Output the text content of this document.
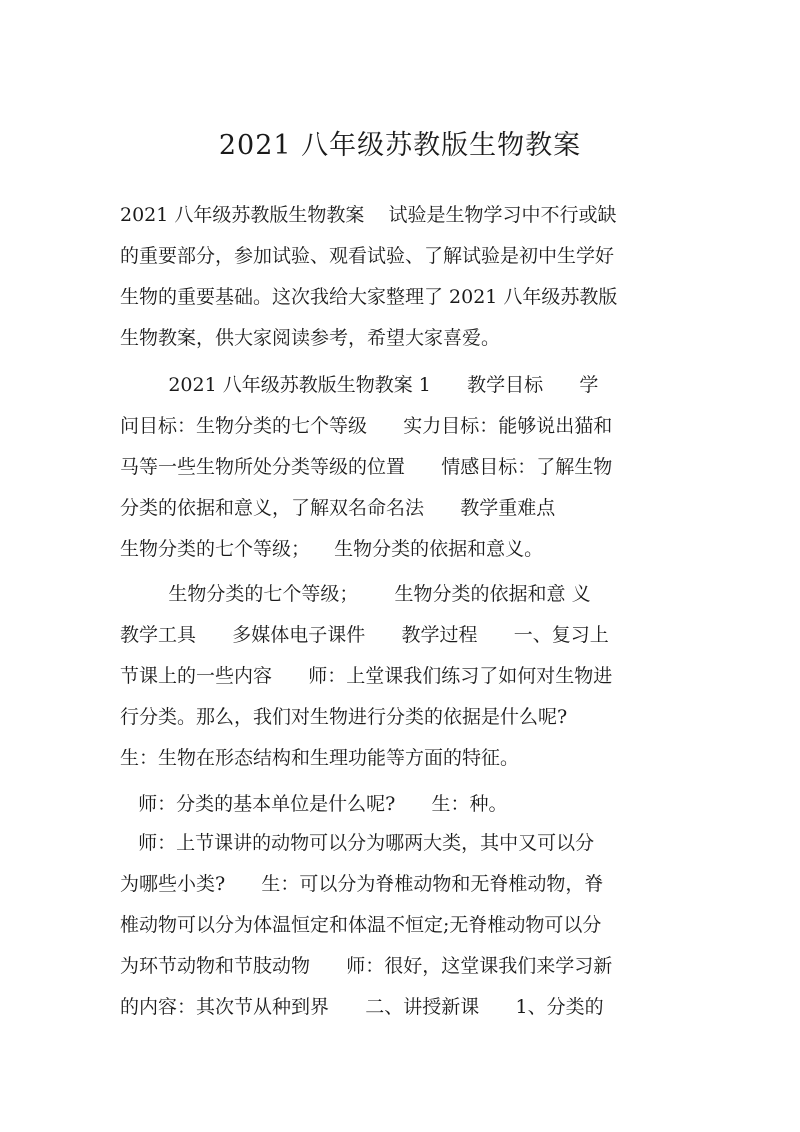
2021 八年级苏教版生物教案
2021 八年级苏教版生物教案    试验是生物学习中不行或缺
的重要部分，参加试验、观看试验、了解试验是初中生学好
生物的重要基础。这次我给大家整理了 2021 八年级苏教版
生物教案，供大家阅读参考，希望大家喜爱。
2021 八年级苏教版生物教案 1      教学目标      学
问目标：生物分类的七个等级      实力目标：能够说出猫和
马等一些生物所处分类等级的位置      情感目标：了解生物
分类的依据和意义，了解双名命名法      教学重难点
生物分类的七个等级；    生物分类的依据和意义。
生物分类的七个等级；      生物分类的依据和意 义
教学工具      多媒体电子课件      教学过程      一、复习上
节课上的一些内容      师：上堂课我们练习了如何对生物进
行分类。那么，我们对生物进行分类的依据是什么呢?
生：生物在形态结构和生理功能等方面的特征。
师：分类的基本单位是什么呢?      生：种。
师：上节课讲的动物可以分为哪两大类，其中又可以分
为哪些小类?      生：可以分为脊椎动物和无脊椎动物，脊
椎动物可以分为体温恒定和体温不恒定;无脊椎动物可以分
为环节动物和节肢动物      师：很好，这堂课我们来学习新
的内容：其次节从种到界      二、讲授新课      1、分类的
